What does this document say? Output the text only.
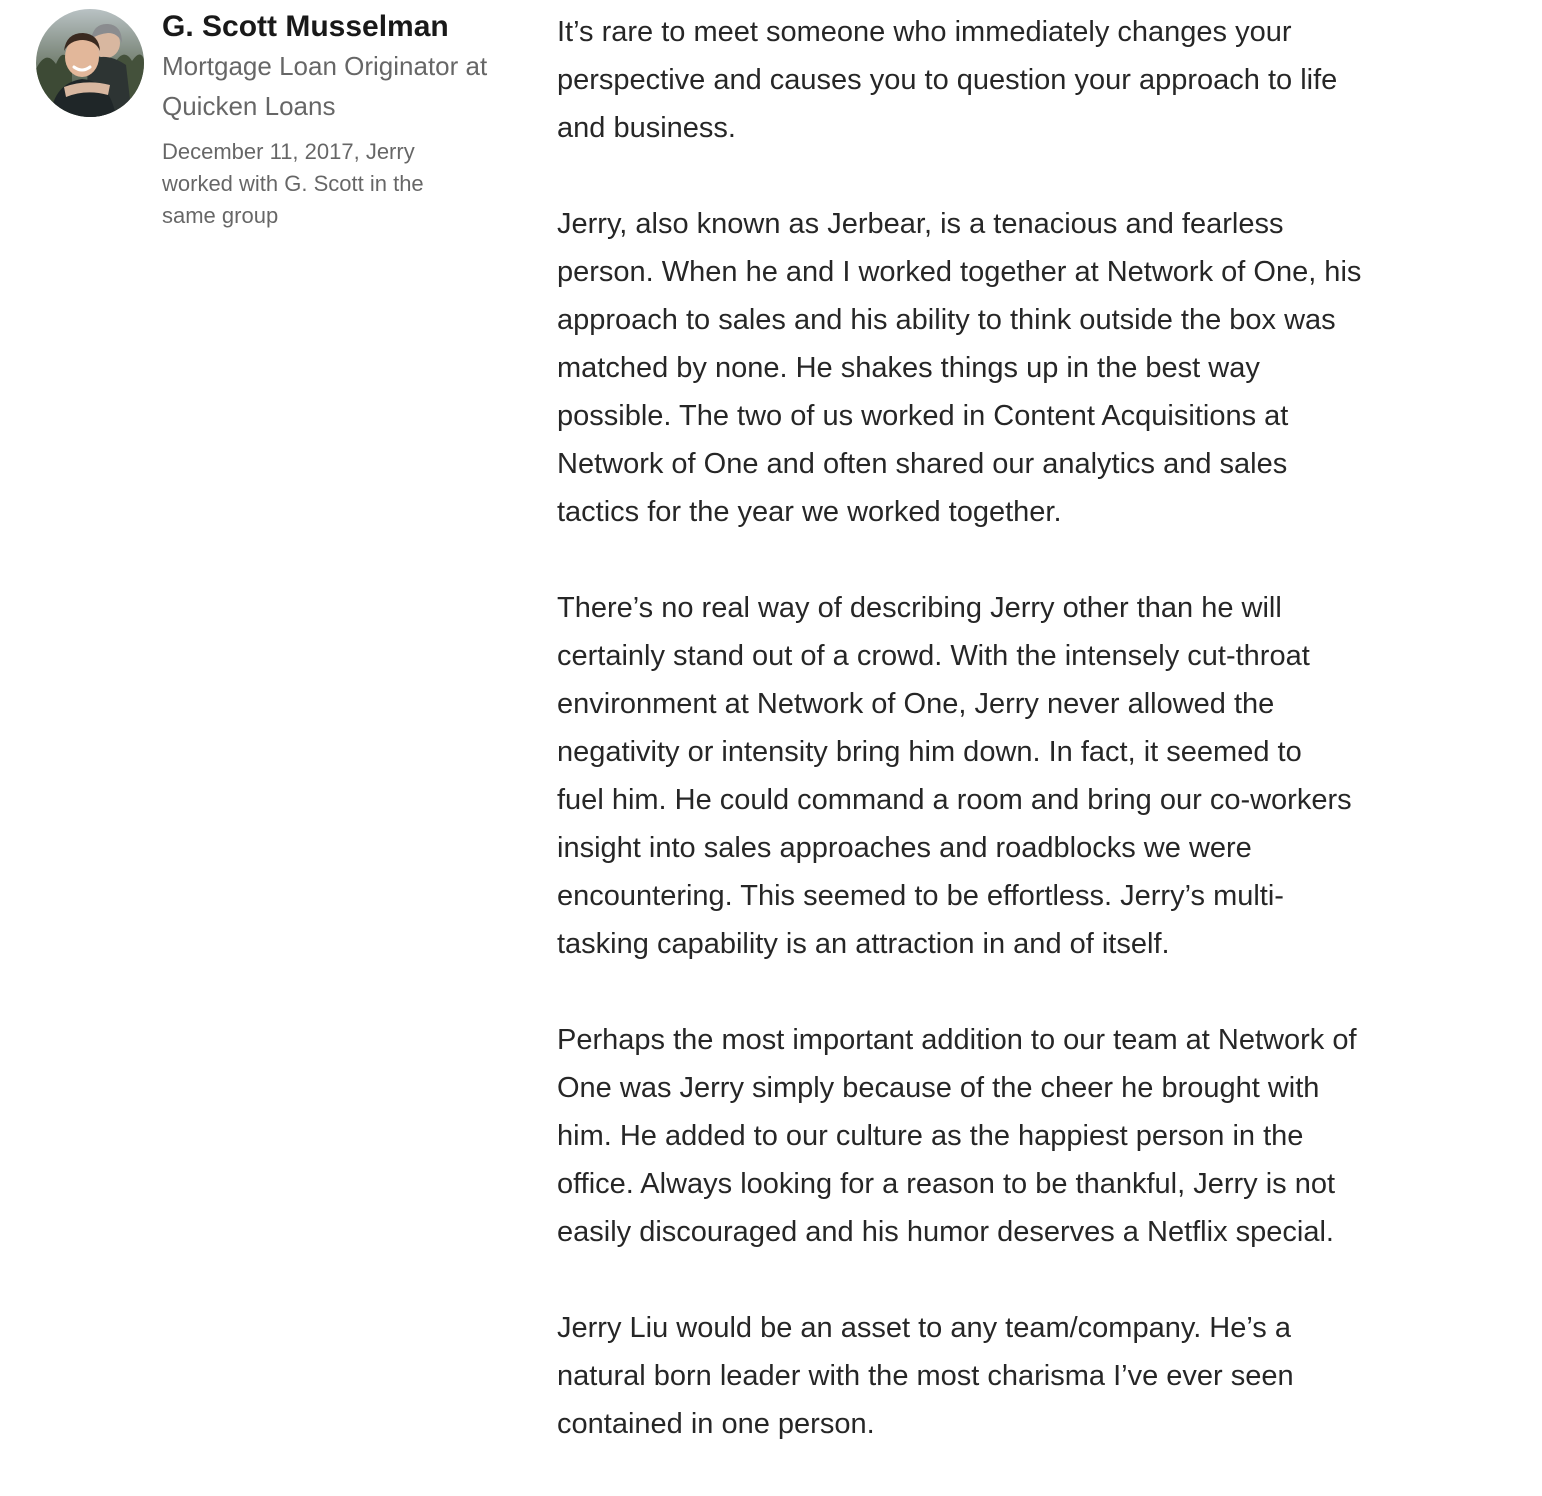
G. Scott Musselman
Mortgage Loan Originator at Quicken Loans
December 11, 2017, Jerry worked with G. Scott in the same group

It’s rare to meet someone who immediately changes your
perspective and causes you to question your approach to life
and business.

Jerry, also known as Jerbear, is a tenacious and fearless
person. When he and I worked together at Network of One, his
approach to sales and his ability to think outside the box was
matched by none. He shakes things up in the best way
possible. The two of us worked in Content Acquisitions at
Network of One and often shared our analytics and sales
tactics for the year we worked together.

There’s no real way of describing Jerry other than he will
certainly stand out of a crowd. With the intensely cut-throat
environment at Network of One, Jerry never allowed the
negativity or intensity bring him down. In fact, it seemed to
fuel him. He could command a room and bring our co-workers
insight into sales approaches and roadblocks we were
encountering. This seemed to be effortless. Jerry’s multi-
tasking capability is an attraction in and of itself.

Perhaps the most important addition to our team at Network of
One was Jerry simply because of the cheer he brought with
him. He added to our culture as the happiest person in the
office. Always looking for a reason to be thankful, Jerry is not
easily discouraged and his humor deserves a Netflix special.

Jerry Liu would be an asset to any team/company. He’s a
natural born leader with the most charisma I’ve ever seen
contained in one person.
